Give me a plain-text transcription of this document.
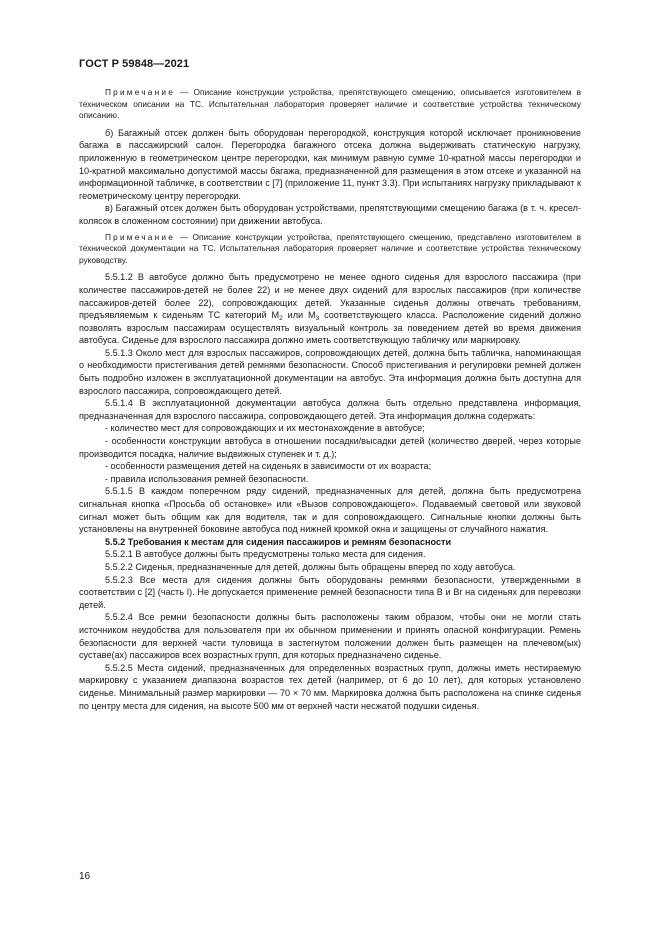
ГОСТ Р 59848—2021

Примечание — Описание конструкции устройства, препятствующего смещению, описывается изготовителем в техническом описании на ТС. Испытательная лаборатория проверяет наличие и соответствие устройства техническому описанию.

б) Багажный отсек должен быть оборудован перегородкой, конструкция которой исключает проникновение багажа в пассажирский салон. Перегородка багажного отсека должна выдерживать статическую нагрузку, приложенную в геометрическом центре перегородки, как минимум равную сумме 10-кратной массы перегородки и 10-кратной максимально допустимой массы багажа, предназначенной для размещения в этом отсеке и указанной на информационной табличке, в соответствии с [7] (приложение 11, пункт 3.3). При испытаниях нагрузку прикладывают к геометрическому центру перегородки.

в) Багажный отсек должен быть оборудован устройствами, препятствующими смещению багажа (в т. ч. кресел-колясок в сложенном состоянии) при движении автобуса.

Примечание — Описание конструкции устройства, препятствующего смещению, представлено изготовителем в технической документации на ТС. Испытательная лаборатория проверяет наличие и соответствие устройства техническому руководству.

5.5.1.2 В автобусе должно быть предусмотрено не менее одного сиденья для взрослого пассажира (при количестве пассажиров-детей не более 22) и не менее двух сидений для взрослых пассажиров (при количестве пассажиров-детей более 22), сопровождающих детей. Указанные сиденья должны отвечать требованиям, предъявляемым к сиденьям ТС категорий $М_2$ или $М_3$ соответствующего класса. Расположение сидений должно позволять взрослым пассажирам осуществлять визуальный контроль за поведением детей во время движения автобуса. Сиденье для взрослого пассажира должно иметь соответствующую табличку или маркировку.

5.5.1.3 Около мест для взрослых пассажиров, сопровождающих детей, должна быть табличка, напоминающая о необходимости пристегивания детей ремнями безопасности. Способ пристегивания и регулировки ремней должен быть подробно изложен в эксплуатационной документации на автобус. Эта информация должна быть доступна для взрослого пассажира, сопровождающего детей.

5.5.1.4 В эксплуатационной документации автобуса должна быть отдельно представлена информация, предназначенная для взрослого пассажира, сопровождающего детей. Эта информация должна содержать:

- количество мест для сопровождающих и их местонахождение в автобусе;

- особенности конструкции автобуса в отношении посадки/высадки детей (количество дверей, через которые производится посадка, наличие выдвижных ступенек и т. д.);

- особенности размещения детей на сиденьях в зависимости от их возраста;

- правила использования ремней безопасности.

5.5.1.5 В каждом поперечном ряду сидений, предназначенных для детей, должна быть предусмотрена сигнальная кнопка «Просьба об остановке» или «Вызов сопровождающего». Подаваемый световой или звуковой сигнал может быть общим как для водителя, так и для сопровождающего. Сигнальные кнопки должны быть установлены на внутренней боковине автобуса под нижней кромкой окна и защищены от случайного нажатия.

5.5.2 Требования к местам для сидения пассажиров и ремням безопасности

5.5.2.1 В автобусе должны быть предусмотрены только места для сидения.

5.5.2.2 Сиденья, предназначенные для детей, должны быть обращены вперед по ходу автобуса.

5.5.2.3 Все места для сидения должны быть оборудованы ремнями безопасности, утвержденными в соответствии с [2] (часть I). Не допускается применение ремней безопасности типа B и Br на сиденьях для перевозки детей.

5.5.2.4 Все ремни безопасности должны быть расположены таким образом, чтобы они не могли стать источником неудобства для пользователя при их обычном применении и принять опасной конфигурации. Ремень безопасности для верхней части туловища в застегнутом положении должен быть размещен на плечевом(ых) суставе(ах) пассажиров всех возрастных групп, для которых предназначено сиденье.

5.5.2.5 Места сидений, предназначенных для определенных возрастных групп, должны иметь нестираемую маркировку с указанием диапазона возрастов тех детей (например, от 6 до 10 лет), для которых установлено сиденье. Минимальный размер маркировки — 70 × 70 мм. Маркировка должна быть расположена на спинке сиденья по центру места для сидения, на высоте 500 мм от верхней части несжатой подушки сиденья.

16
